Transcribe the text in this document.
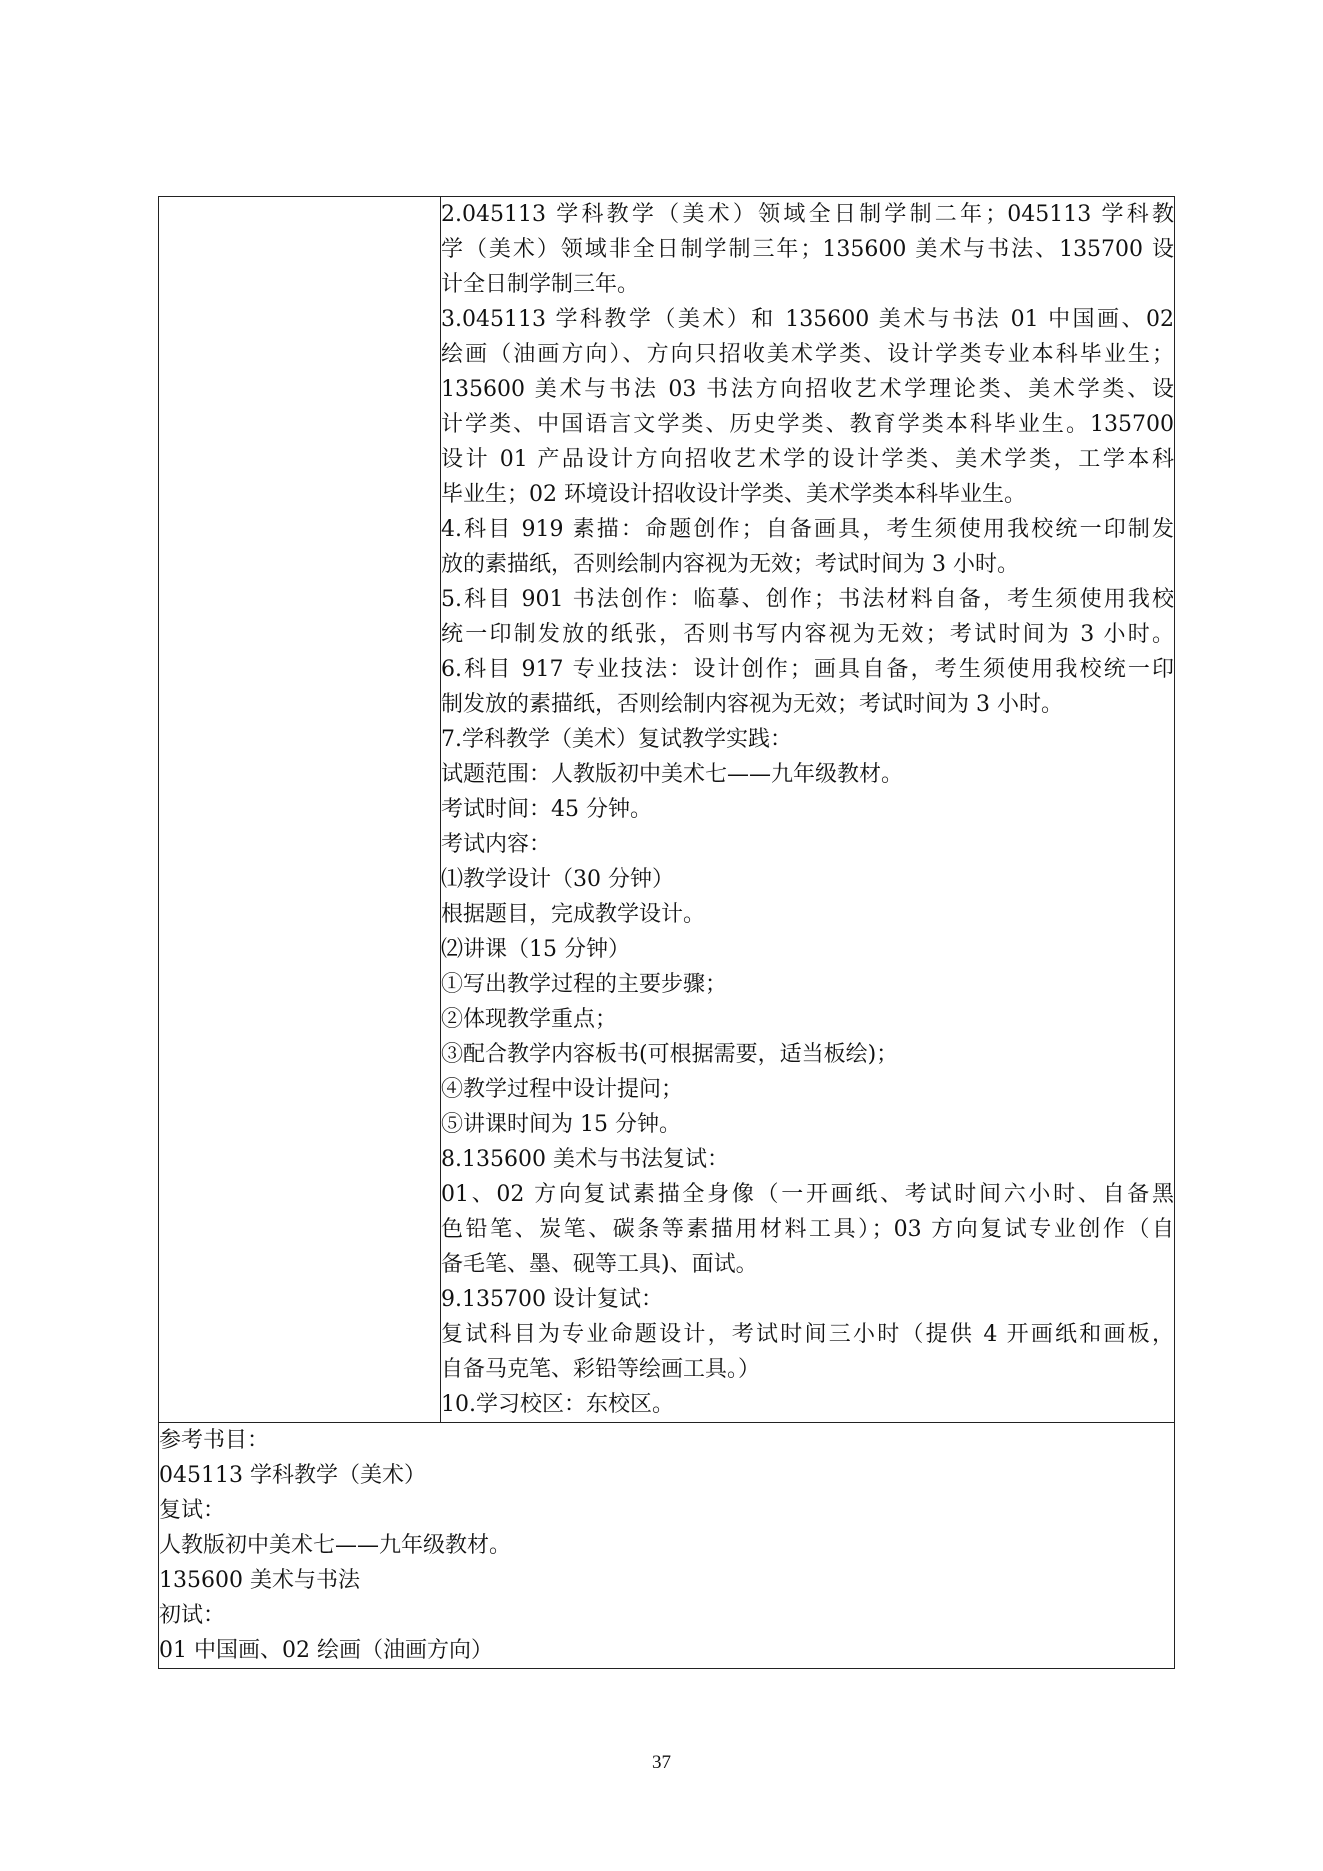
2.045113 学科教学（美术）领域全日制学制二年；045113 学科教
学（美术）领域非全日制学制三年；135600 美术与书法、135700 设
计全日制学制三年。
3.045113 学科教学（美术）和 135600 美术与书法 01 中国画、02
绘画（油画方向）、方向只招收美术学类、设计学类专业本科毕业生；
135600 美术与书法 03 书法方向招收艺术学理论类、美术学类、设
计学类、中国语言文学类、历史学类、教育学类本科毕业生。135700
设计 01 产品设计方向招收艺术学的设计学类、美术学类，工学本科
毕业生；02 环境设计招收设计学类、美术学类本科毕业生。
4.科目 919 素描：命题创作；自备画具，考生须使用我校统一印制发
放的素描纸，否则绘制内容视为无效；考试时间为 3 小时。
5.科目 901 书法创作：临摹、创作；书法材料自备，考生须使用我校
统一印制发放的纸张，否则书写内容视为无效；考试时间为 3 小时。
6.科目 917 专业技法：设计创作；画具自备，考生须使用我校统一印
制发放的素描纸，否则绘制内容视为无效；考试时间为 3 小时。
7.学科教学（美术）复试教学实践：
试题范围：人教版初中美术七——九年级教材。
考试时间：45 分钟。
考试内容：
⑴教学设计（30 分钟）
根据题目，完成教学设计。
⑵讲课（15 分钟）
①写出教学过程的主要步骤；
②体现教学重点；
③配合教学内容板书(可根据需要，适当板绘)；
④教学过程中设计提问；
⑤讲课时间为 15 分钟。
8.135600 美术与书法复试：
01、02 方向复试素描全身像（一开画纸、考试时间六小时、自备黑
色铅笔、炭笔、碳条等素描用材料工具）；03 方向复试专业创作（自
备毛笔、墨、砚等工具)、面试。
9.135700 设计复试：
复试科目为专业命题设计，考试时间三小时（提供 4 开画纸和画板，
自备马克笔、彩铅等绘画工具。）
10.学习校区：东校区。

参考书目：
045113 学科教学（美术）
复试：
人教版初中美术七——九年级教材。
135600 美术与书法
初试：
01 中国画、02 绘画（油画方向）
37
